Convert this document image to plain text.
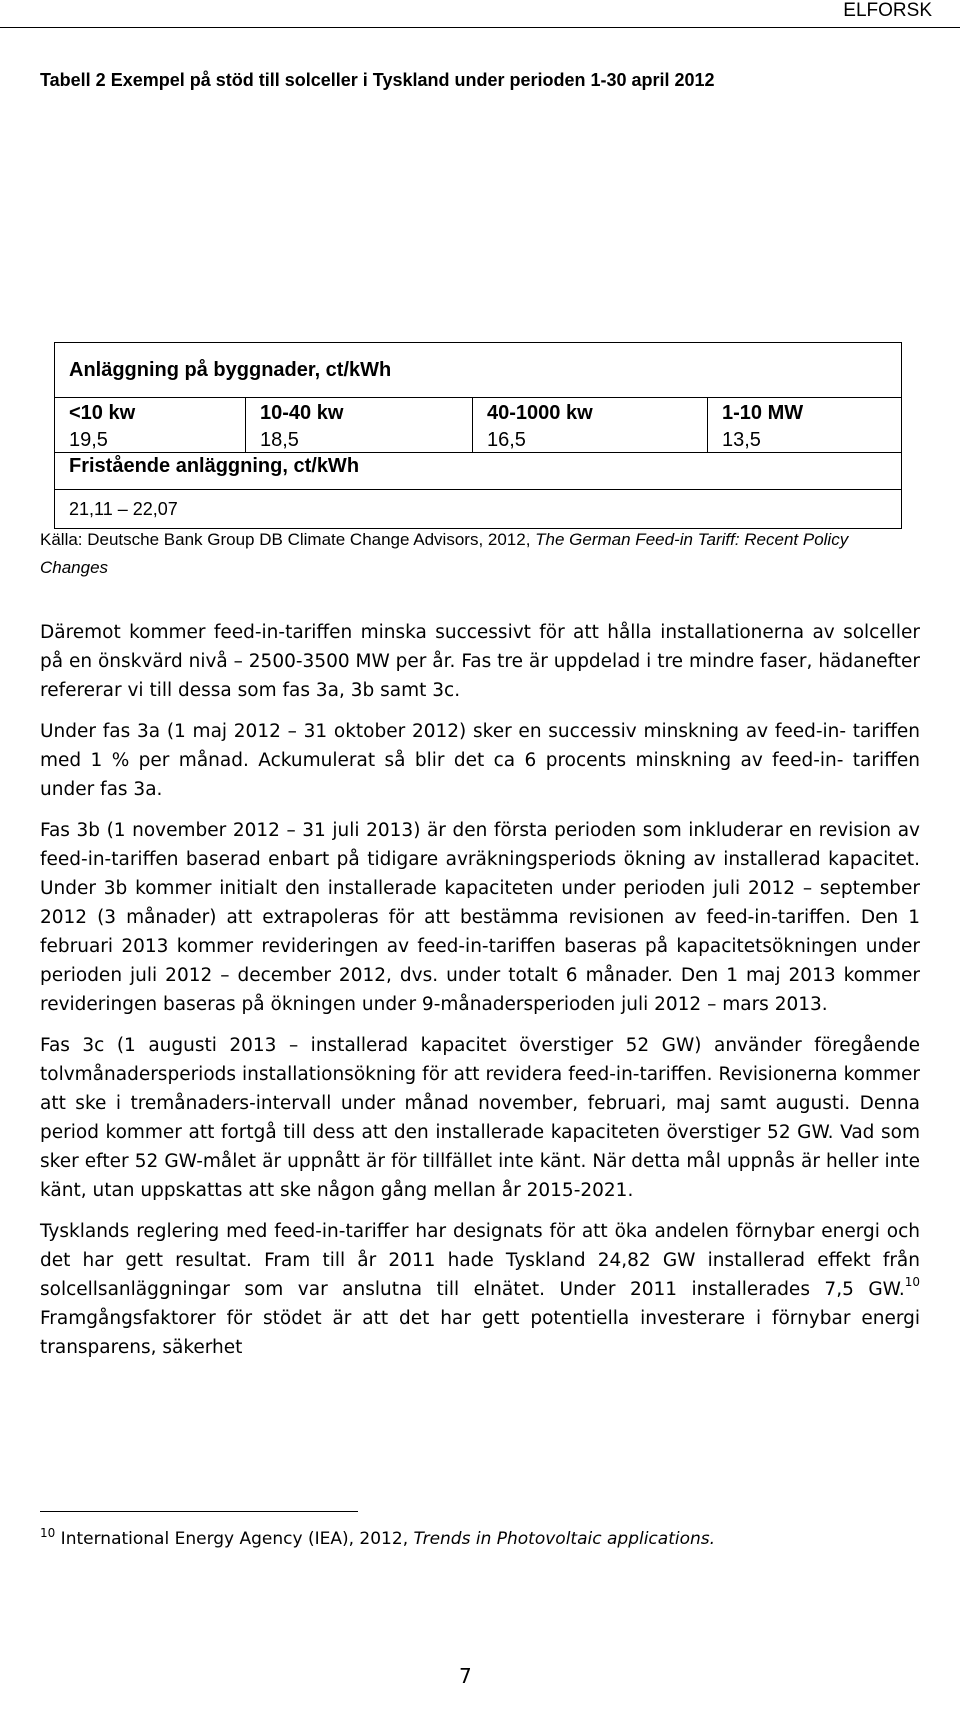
ELFORSK
Tabell 2 Exempel på stöd till solceller i Tyskland under perioden 1-30 april 2012
Anläggning på byggnader, ct/kWh			
<10 kw	10-40 kw	40-1000 kw	1-10 MW
19,5	18,5	16,5	13,5
Fristående anläggning, ct/kWh			
21,11 – 22,07			
Källa: Deutsche Bank Group DB Climate Change Advisors, 2012, The German Feed-in Tariff: Recent Policy Changes

Däremot kommer feed-in-tariffen minska successivt för att hålla installationerna av solceller på en önskvärd nivå – 2500-3500 MW per år. Fas tre är uppdelad i tre mindre faser, hädanefter refererar vi till dessa som fas 3a, 3b samt 3c.

Under fas 3a (1 maj 2012 – 31 oktober 2012) sker en successiv minskning av feed-in- tariffen med 1 % per månad. Ackumulerat så blir det ca 6 procents minskning av feed-in- tariffen under fas 3a.

Fas 3b (1 november 2012 – 31 juli 2013) är den första perioden som inkluderar en revision av feed-in-tariffen baserad enbart på tidigare avräkningsperiods ökning av installerad kapacitet. Under 3b kommer initialt den installerade kapaciteten under perioden juli 2012 – september 2012 (3 månader) att extrapoleras för att bestämma revisionen av feed-in-tariffen. Den 1 februari 2013 kommer revideringen av feed-in-tariffen baseras på kapacitetsökningen under perioden juli 2012 – december 2012, dvs. under totalt 6 månader. Den 1 maj 2013 kommer revideringen baseras på ökningen under 9-månadersperioden juli 2012 – mars 2013.

Fas 3c (1 augusti 2013 – installerad kapacitet överstiger 52 GW) använder föregående tolvmånadersperiods installationsökning för att revidera feed-in-tariffen. Revisionerna kommer att ske i tremånaders-intervall under månad november, februari, maj samt augusti. Denna period kommer att fortgå till dess att den installerade kapaciteten överstiger 52 GW. Vad som sker efter 52 GW-målet är uppnått är för tillfället inte känt. När detta mål uppnås är heller inte känt, utan uppskattas att ske någon gång mellan år 2015-2021.

Tysklands reglering med feed-in-tariffer har designats för att öka andelen förnybar energi och det har gett resultat. Fram till år 2011 hade Tyskland 24,82 GW installerad effekt från solcellsanläggningar som var anslutna till elnätet. Under 2011 installerades 7,5 GW.$^{10}$ Framgångsfaktorer för stödet är att det har gett potentiella investerare i förnybar energi transparens, säkerhet

$^{10}$ International Energy Agency (IEA), 2012, Trends in Photovoltaic applications.
7
